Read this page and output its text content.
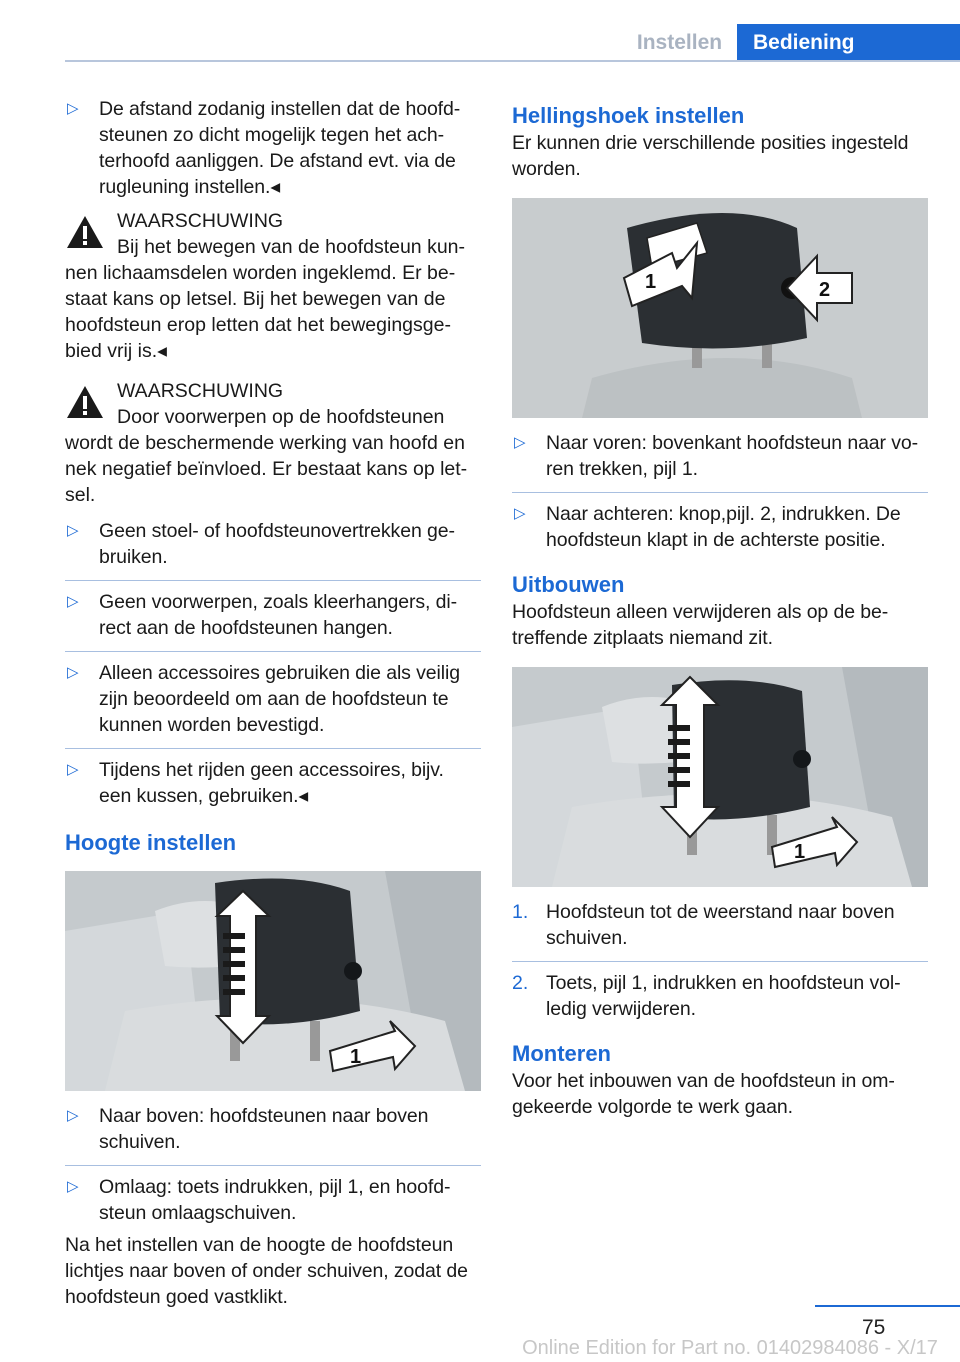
Instellen	Bediening
▷	De afstand zodanig instellen dat de hoofd-steunen zo dicht mogelijk tegen het ach-terhoofd aanliggen. De afstand evt. via de rugleuning instellen.◂
WAARSCHUWING
Bij het bewegen van de hoofdsteun kun-
nen lichaamsdelen worden ingeklemd. Er be-staat kans op letsel. Bij het bewegen van de hoofdsteun erop letten dat het bewegingsge-bied vrij is.◂
WAARSCHUWING
Door voorwerpen op de hoofdsteunen
wordt de beschermende werking van hoofd en nek negatief beïnvloed. Er bestaat kans op let-sel.
▷	Geen stoel- of hoofdsteunovertrekken ge-bruiken.
▷	Geen voorwerpen, zoals kleerhangers, di-rect aan de hoofdsteunen hangen.
▷	Alleen accessoires gebruiken die als veilig zijn beoordeeld om aan de hoofdsteun te kunnen worden bevestigd.
▷	Tijdens het rijden geen accessoires, bijv. een kussen, gebruiken.◂
Hoogte instellen
1
▷	Naar boven: hoofdsteunen naar boven schuiven.
▷	Omlaag: toets indrukken, pijl 1, en hoofd-steun omlaagschuiven.

Na het instellen van de hoogte de hoofdsteun lichtjes naar boven of onder schuiven, zodat de hoofdsteun goed vastklikt.

Hellingshoek instellen

Er kunnen drie verschillende posities ingesteld worden.

1	2
▷	Naar voren: bovenkant hoofdsteun naar vo-ren trekken, pijl 1.
▷	Naar achteren: knop,pijl. 2, indrukken. De hoofdsteun klapt in de achterste positie.
Uitbouwen

Hoofdsteun alleen verwijderen als op de be-treffende zitplaats niemand zit.

1
1. Hoofdsteun tot de weerstand naar boven schuiven.
2. Toets, pijl 1, indrukken en hoofdsteun vol-ledig verwijderen.
Monteren

Voor het inbouwen van de hoofdsteun in om-gekeerde volgorde te werk gaan.

75
Online Edition for Part no. 01402984086 - X/17
